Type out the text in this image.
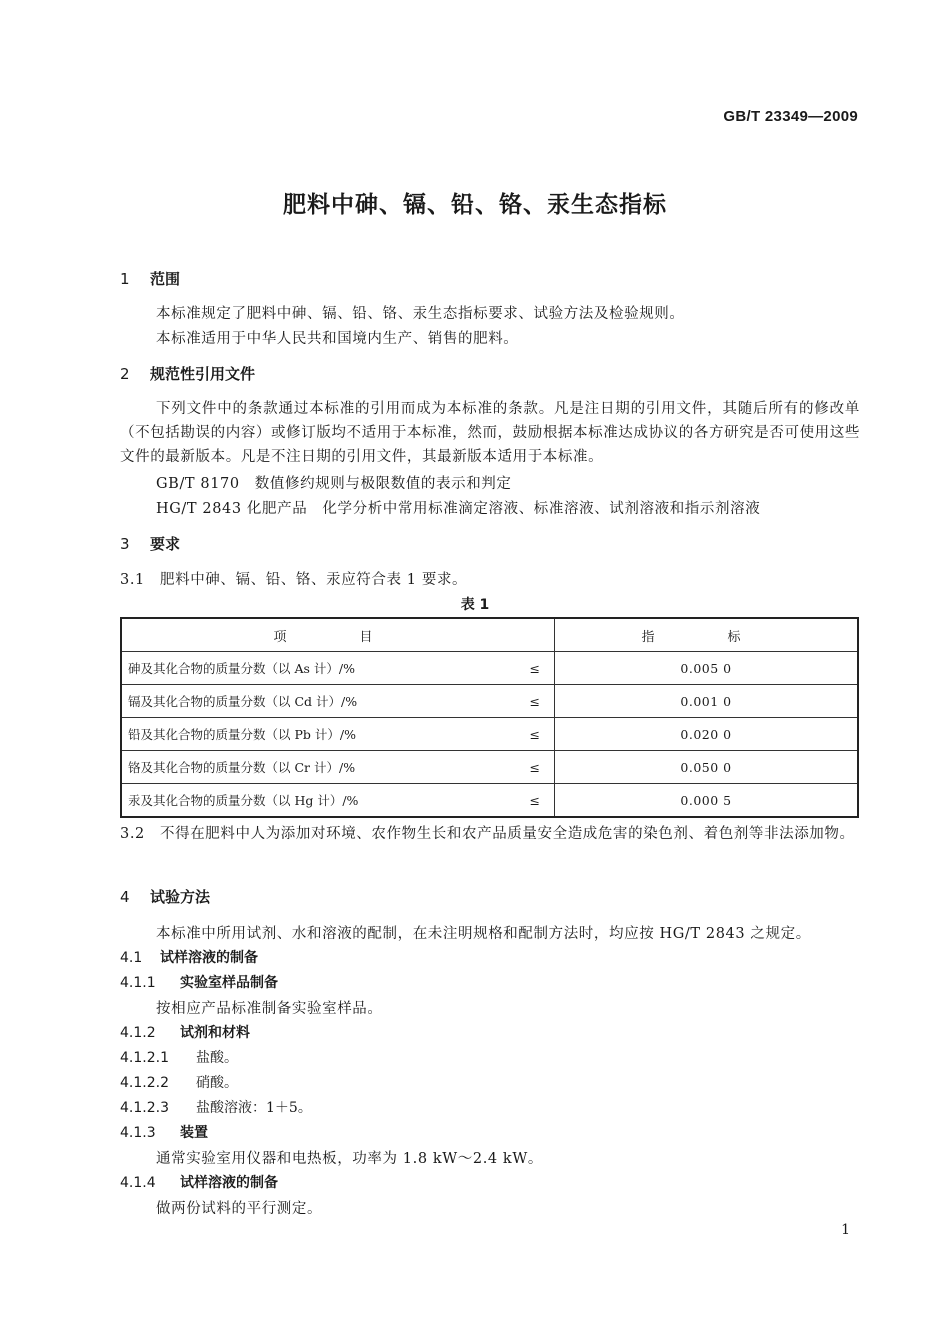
GB/T 23349—2009
肥料中砷、镉、铅、铬、汞生态指标
1 范围
本标准规定了肥料中砷、镉、铅、铬、汞生态指标要求、试验方法及检验规则。
本标准适用于中华人民共和国境内生产、销售的肥料。
2 规范性引用文件
下列文件中的条款通过本标准的引用而成为本标准的条款。凡是注日期的引用文件，其随后所有的修改单（不包括勘误的内容）或修订版均不适用于本标准，然而，鼓励根据本标准达成协议的各方研究是否可使用这些文件的最新版本。凡是不注日期的引用文件，其最新版本适用于本标准。
GB/T 8170　数值修约规则与极限数值的表示和判定
HG/T 2843 化肥产品　化学分析中常用标准滴定溶液、标准溶液、试剂溶液和指示剂溶液
3 要求
3.1 肥料中砷、镉、铅、铬、汞应符合表 1 要求。
表 1
项　目	指　标

砷及其化合物的质量分数（以 As 计）/% ≤	0.005 0

镉及其化合物的质量分数（以 Cd 计）/% ≤	0.001 0

铅及其化合物的质量分数（以 Pb 计）/% ≤	0.020 0

铬及其化合物的质量分数（以 Cr 计）/% ≤	0.050 0

汞及其化合物的质量分数（以 Hg 计）/% ≤	0.000 5
3.2 不得在肥料中人为添加对环境、农作物生长和农产品质量安全造成危害的染色剂、着色剂等非法添加物。
4 试验方法
本标准中所用试剂、水和溶液的配制，在未注明规格和配制方法时，均应按 HG/T 2843 之规定。
4.1 试样溶液的制备
4.1.1 实验室样品制备
按相应产品标准制备实验室样品。
4.1.2 试剂和材料
4.1.2.1 盐酸。
4.1.2.2 硝酸。
4.1.2.3 盐酸溶液：1＋5。
4.1.3 装置
通常实验室用仪器和电热板，功率为 1.8 kW～2.4 kW。
4.1.4 试样溶液的制备
做两份试料的平行测定。
1
